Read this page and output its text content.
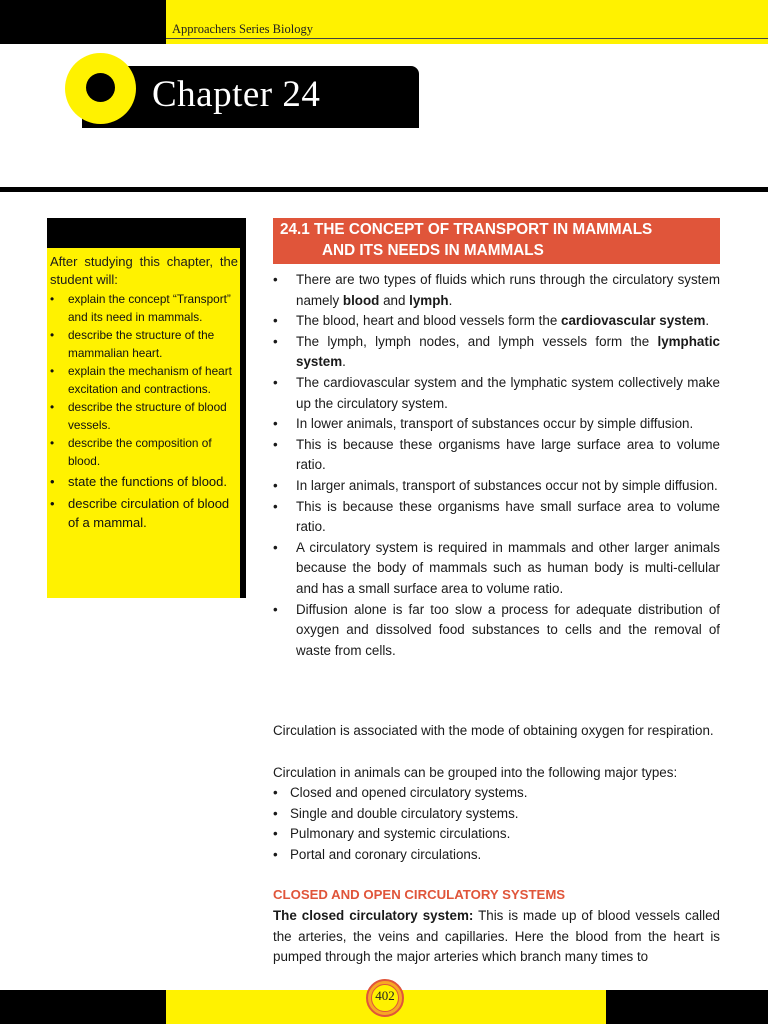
Approachers Series Biology
Chapter 24
After studying this chapter, the student will:
• explain the concept “Transport” and its need in mammals.
• describe the structure of the mammalian heart.
• explain the mechanism of heart excitation and contractions.
• describe the structure of blood vessels.
• describe the composition of blood.
• state the functions of blood.
• describe circulation of blood of a mammal.
24.1 THE CONCEPT OF TRANSPORT IN MAMMALS
AND ITS NEEDS IN MAMMALS
• There are two types of fluids which runs through the circulatory system namely blood and lymph.
• The blood, heart and blood vessels form the cardiovascular system.
• The lymph, lymph nodes, and lymph vessels form the lymphatic system.
• The cardiovascular system and the lymphatic system collectively make up the circulatory system.
• In lower animals, transport of substances occur by simple diffusion.
• This is because these organisms have large surface area to volume ratio.
• In larger animals, transport of substances occur not by simple diffusion.
• This is because these organisms have small surface area to volume ratio.
• A circulatory system is required in mammals and other larger animals because the body of mammals such as human body is multi-cellular and has a small surface area to volume ratio.
• Diffusion alone is far too slow a process for adequate distribution of oxygen and dissolved food substances to cells and the removal of waste from cells.

Circulation is associated with the mode of obtaining oxygen for respiration.

Circulation in animals can be grouped into the following major types:

• Closed and opened circulatory systems.
• Single and double circulatory systems.
• Pulmonary and systemic circulations.
• Portal and coronary circulations.
CLOSED AND OPEN CIRCULATORY SYSTEMS

The closed circulatory system: This is made up of blood vessels called the arteries, the veins and capillaries. Here the blood from the heart is pumped through the major arteries which branch many times to

402
